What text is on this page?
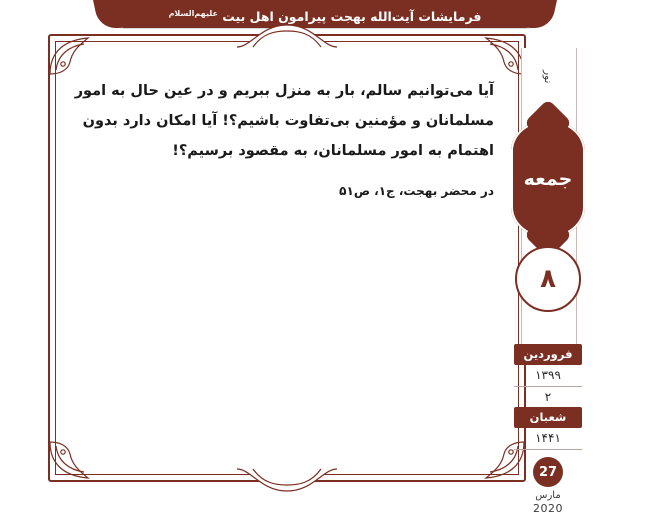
فرمایشات آیت‌الله بهجت پیرامون اهل بیت $^{علیهم‌السلام}$
آیا می‌توانیم سالم، بار به منزل ببریم و در عین حال به امور
مسلمانان و مؤمنین بی‌تفاوت باشیم؟! آیا امکان دارد بدون
اهتمام به امور مسلمانان، به مقصود برسیم؟!
در محضر بهجت، ج۱، ص۵۱
نور
جمعه
۸
فروردین
۱۳۹۹
۲
شعبان
۱۴۴۱
27
مارس
2020
